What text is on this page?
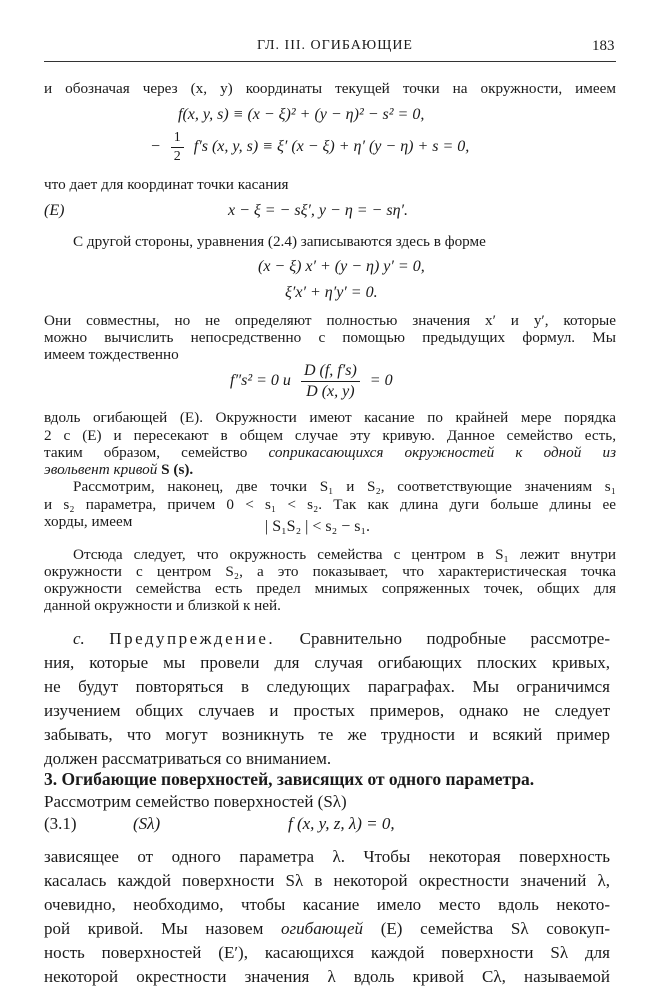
ГЛ. III. ОГИБАЮЩИЕ	183
и обозначая через (x, y) координаты текущей точки на окружности, имеем
f(x, y, s) ≡ (x − ξ)² + (y − η)² − s² = 0,
− $\frac{1}{2} f's$ (x, y, s) ≡ ξ′ (x − ξ) + η′ (y − η) + s = 0,
что дает для координат точки касания
(E)	x − ξ = − sξ′, y − η = − sη′.
С другой стороны, уравнения (2.4) записываются здесь в форме
(x − ξ) x′ + (y − η) y′ = 0,
ξ′x′ + η′y′ = 0.
Они совместны, но не определяют полностью значения x′ и y′, которые
можно вычислить непосредственно с помощью предыдущих формул. Мы
имеем тождественно
f″s² = 0 и $\frac{D (f, f's)}{D (x, y)} = 0$
вдоль огибающей (E). Окружности имеют касание по крайней мере порядка
2 с (E) и пересекают в общем случае эту кривую. Данное семейство есть,
таким образом, семейство соприкасающихся окружностей к одной из
эвольвент кривой S (s).
Рассмотрим, наконец, две точки S₁ и S₂, соответствующие значениям s₁
и s₂ параметра, причем 0 < s₁ < s₂. Так как длина дуги больше длины ее
хорды, имеем	| S₁S₂ | < s₂ − s₁.
Отсюда следует, что окружность семейства с центром в S₁ лежит внутри
окружности с центром S₂, а это показывает, что характеристическая точка
окружности семейства есть предел мнимых сопряженных точек, общих для
данной окружности и близкой к ней.
c. Предупреждение. Сравнительно подробные рассмотре-
ния, которые мы провели для случая огибающих плоских кривых,
не будут повторяться в следующих параграфах. Мы ограничимся
изучением общих случаев и простых примеров, однако не следует
забывать, что могут возникнуть те же трудности и всякий пример
должен рассматриваться со вниманием.
3. Огибающие поверхностей, зависящих от одного параметра.
Рассмотрим семейство поверхностей (Sλ)
(3.1)	(Sλ)	f (x, y, z, λ) = 0,
зависящее от одного параметра λ. Чтобы некоторая поверхность
касалась каждой поверхности Sλ в некоторой окрестности значений λ,
очевидно, необходимо, чтобы касание имело место вдоль некото-
рой кривой. Мы назовем огибающей (E) семейства Sλ совокуп-
ность поверхностей (E′), касающихся каждой поверхности Sλ для
некоторой окрестности значения λ вдоль кривой Cλ, называемой
